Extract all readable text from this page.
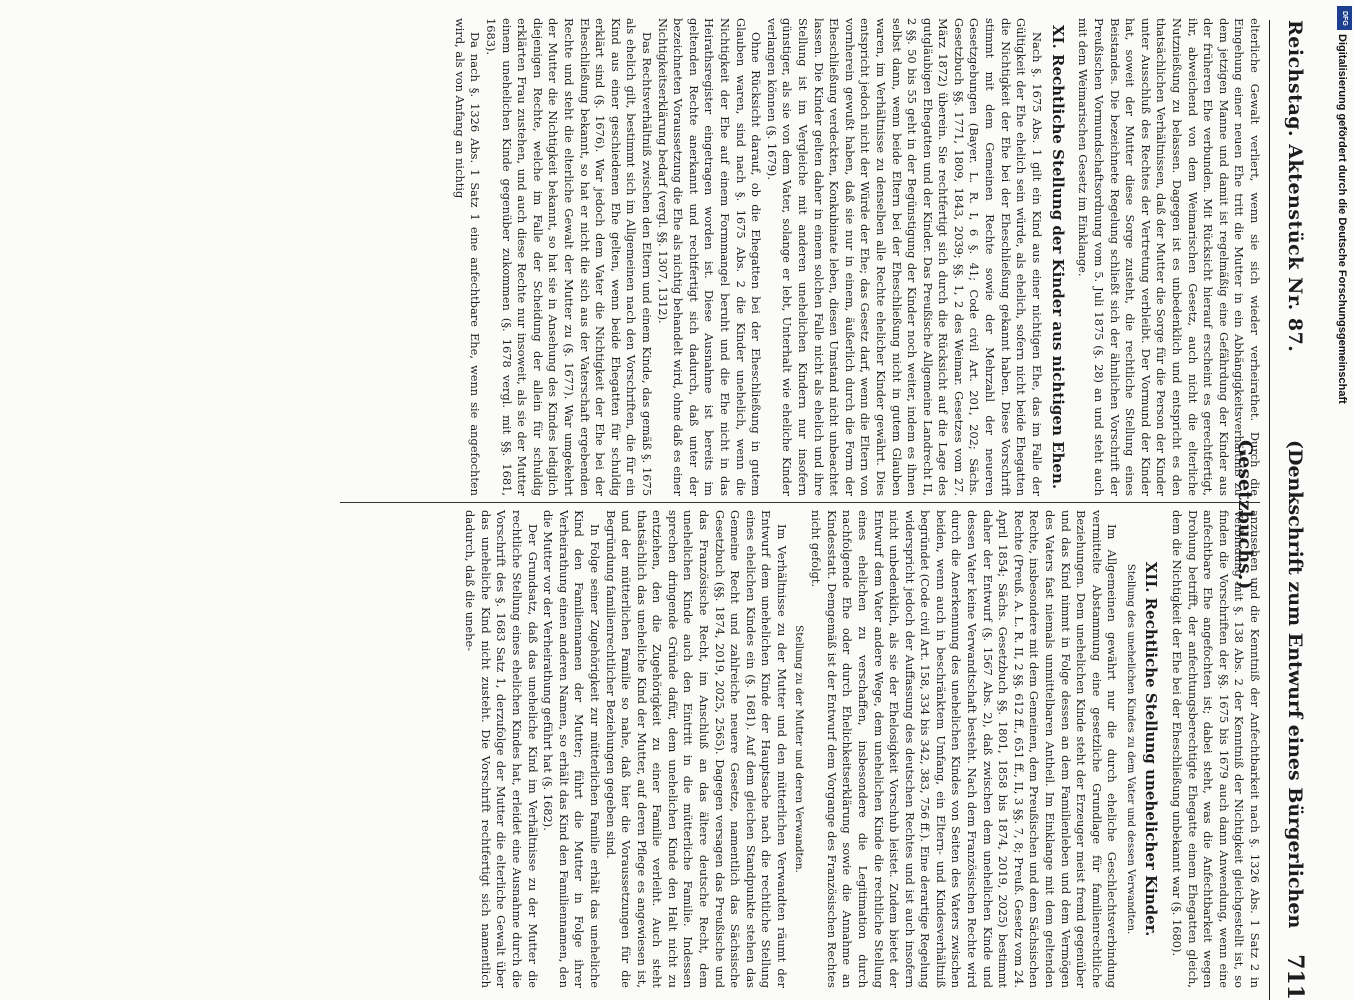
Reichstag. Aktenstück Nr. 87.
(Denkschrift zum Entwurf eines Bürgerlichen Gesetzbuchs.)
711

elterliche Gewalt verliert, wenn sie sich wieder verheirathet. Durch die Eingehung einer neuen Ehe tritt die Mutter in ein Abhängigkeitsverhältniß zu dem jetzigen Manne und damit ist regelmäßig eine Gefährdung der Kinder aus der früheren Ehe verbunden. Mit Rücksicht hierauf erscheint es gerechtfertigt, ihr, abweichend von dem Weimarischen Gesetz, auch nicht die elterliche Nutznießung zu belassen. Dagegen ist es unbedenklich und entspricht es den thatsächlichen Verhältnissen, daß der Mutter die Sorge für die Person der Kinder unter Ausschluß des Rechtes der Vertretung verbleibt. Der Vormund der Kinder hat, soweit der Mutter diese Sorge zusteht, die rechtliche Stellung eines Beistandes. Die bezeichnete Regelung schließt sich der ähnlichen Vorschrift der Preußischen Vormundschaftsordnung vom 5. Juli 1875 (§. 28) an und steht auch mit dem Weimarischen Gesetz im Einklange.

XI. Rechtliche Stellung der Kinder aus nichtigen Ehen.

Nach §. 1675 Abs. 1 gilt ein Kind aus einer nichtigen Ehe, das im Falle der Gültigkeit der Ehe ehelich sein würde, als ehelich, sofern nicht beide Ehegatten die Nichtigkeit der Ehe bei der Eheschließung gekannt haben. Diese Vorschrift stimmt mit dem Gemeinen Rechte sowie der Mehrzahl der neueren Gesetzgebungen (Bayer. L. R. I, 6 §. 41; Code civil Art. 201, 202; Sächs. Gesetzbuch §§. 1771, 1809, 1843, 2039; §§. 1, 2 des Weimar. Gesetzes vom 27. März 1872) überein. Sie rechtfertigt sich durch die Rücksicht auf die Lage des gutgläubigen Ehegatten und der Kinder. Das Preußische Allgemeine Landrecht II, 2 §§. 50 bis 55 geht in der Begünstigung der Kinder noch weiter, indem es ihnen selbst dann, wenn beide Eltern bei der Eheschließung nicht in gutem Glauben waren, im Verhältnisse zu denselben alle Rechte ehelicher Kinder gewährt. Dies entspricht jedoch nicht der Würde der Ehe; das Gesetz darf, wenn die Eltern von vornherein gewußt haben, daß sie nur in einem, äußerlich durch die Form der Eheschließung verdeckten, Konkubinate leben, diesen Umstand nicht unbeachtet lassen. Die Kinder gelten daher in einem solchen Falle nicht als ehelich und ihre Stellung ist im Vergleiche mit anderen unehelichen Kindern nur insofern günstiger, als sie von dem Vater, solange er lebt, Unterhalt wie eheliche Kinder verlangen können (§. 1679).

Ohne Rücksicht darauf, ob die Ehegatten bei der Eheschließung in gutem Glauben waren, sind nach §. 1675 Abs. 2 die Kinder unehelich, wenn die Nichtigkeit der Ehe auf einem Formmangel beruht und die Ehe nicht in das Heirathsregister eingetragen worden ist. Diese Ausnahme ist bereits im geltenden Rechte anerkannt und rechtfertigt sich dadurch, daß unter der bezeichneten Voraussetzung die Ehe als nichtig behandelt wird, ohne daß es einer Nichtigkeitserklärung bedarf (vergl. §§. 1307, 1312).

Das Rechtsverhältniß zwischen den Eltern und einem Kinde, das gemäß §. 1675 als ehelich gilt, bestimmt sich im Allgemeinen nach den Vorschriften, die für ein Kind aus einer geschiedenen Ehe gelten, wenn beide Ehegatten für schuldig erklärt sind (§. 1676). War jedoch dem Vater die Nichtigkeit der Ehe bei der Eheschließung bekannt, so hat er nicht die sich aus der Vaterschaft ergebenden Rechte und steht die elterliche Gewalt der Mutter zu (§. 1677). War umgekehrt der Mutter die Nichtigkeit bekannt, so hat sie in Ansehung des Kindes lediglich diejenigen Rechte, welche im Falle der Scheidung der allein für schuldig erklärten Frau zustehen, und auch diese Rechte nur insoweit, als sie der Mutter einem unehelichen Kinde gegenüber zukommen (§. 1678 vergl. mit §§. 1681, 1683).

Da nach §. 1326 Abs. 1 Satz 1 eine anfechtbare Ehe, wenn sie angefochten wird, als von Anfang an nichtig

anzusehen und die Kenntniß der Anfechtbarkeit nach §. 1326 Abs. 1 Satz 2 in Verbindung mit §. 138 Abs. 2 der Kenntniß der Nichtigkeit gleichgestellt ist, so finden die Vorschriften der §§. 1675 bis 1679 auch dann Anwendung, wenn eine anfechtbare Ehe angefochten ist; dabei steht, was die Anfechtbarkeit wegen Drohung betrifft, der anfechtungsberechtigte Ehegatte einem Ehegatten gleich, dem die Nichtigkeit der Ehe bei der Eheschließung unbekannt war (§. 1680).

XII. Rechtliche Stellung unehelicher Kinder.
Stellung des unehelichen Kindes zu dem Vater und dessen Verwandten.

Im Allgemeinen gewährt nur die durch eheliche Geschlechtsverbindung vermittelte Abstammung eine gesetzliche Grundlage für familienrechtliche Beziehungen. Dem unehelichen Kinde steht der Erzeuger meist fremd gegenüber und das Kind nimmt in Folge dessen an dem Familienleben und dem Vermögen des Vaters fast niemals unmittelbaren Antheil. Im Einklange mit dem geltenden Rechte, insbesondere mit dem Gemeinen, dem Preußischen und dem Sächsischen Rechte (Preuß. A. L. R. II, 2 §§. 612 ff., 651 ff., II, 3 §§. 7, 8; Preuß. Gesetz vom 24. April 1854; Sächs. Gesetzbuch §§. 1801, 1858 bis 1874, 2019, 2025) bestimmt daher der Entwurf (§. 1567 Abs. 2), daß zwischen dem unehelichen Kinde und dessen Vater keine Verwandtschaft besteht. Nach dem Französischen Rechte wird durch die Anerkennung des unehelichen Kindes von Seiten des Vaters zwischen beiden, wenn auch in beschränktem Umfang, ein Eltern- und Kindesverhältniß begründet (Code civil Art. 158, 334 bis 342, 383, 756 ff.). Eine derartige Regelung widerspricht jedoch der Auffassung des deutschen Rechtes und ist auch insofern nicht unbedenklich, als sie der Ehelosigkeit Vorschub leistet. Zudem bietet der Entwurf dem Vater andere Wege, dem unehelichen Kinde die rechtliche Stellung eines ehelichen zu verschaffen, insbesondere die Legitimation durch nachfolgende Ehe oder durch Ehelichkeitserklärung sowie die Annahme an Kindesstatt. Demgemäß ist der Entwurf dem Vorgange des Französischen Rechtes nicht gefolgt.

Stellung zu der Mutter und deren Verwandten.

Im Verhältnisse zu der Mutter und den mütterlichen Verwandten räumt der Entwurf dem unehelichen Kinde der Hauptsache nach die rechtliche Stellung eines ehelichen Kindes ein (§. 1681). Auf dem gleichen Standpunkte stehen das Gemeine Recht und zahlreiche neuere Gesetze, namentlich das Sächsische Gesetzbuch (§§. 1874, 2019, 2025, 2565). Dagegen versagen das Preußische und das Französische Recht, im Anschluß an das ältere deutsche Recht, dem unehelichen Kinde auch den Eintritt in die mütterliche Familie. Indessen sprechen dringende Gründe dafür, dem unehelichen Kinde den Halt nicht zu entziehen, den die Zugehörigkeit zu einer Familie verleiht. Auch steht thatsächlich das uneheliche Kind der Mutter, auf deren Pflege es angewiesen ist, und der mütterlichen Familie so nahe, daß hier die Voraussetzungen für die Begründung familienrechtlicher Beziehungen gegeben sind.

In Folge seiner Zugehörigkeit zur mütterlichen Familie erhält das uneheliche Kind den Familiennamen der Mutter; führt die Mutter in Folge ihrer Verheirathung einen anderen Namen, so erhält das Kind den Familiennamen, den die Mutter vor der Verheirathung geführt hat (§. 1682).

Der Grundsatz, daß das uneheliche Kind im Verhältnisse zu der Mutter die rechtliche Stellung eines ehelichen Kindes hat, erleidet eine Ausnahme durch die Vorschrift des §. 1683 Satz 1, derzufolge der Mutter die elterliche Gewalt über das uneheliche Kind nicht zusteht. Die Vorschrift rechtfertigt sich namentlich dadurch, daß die unehe-

DFG
Digitalisierung gefördert durch die Deutsche Forschungsgemeinschaft
